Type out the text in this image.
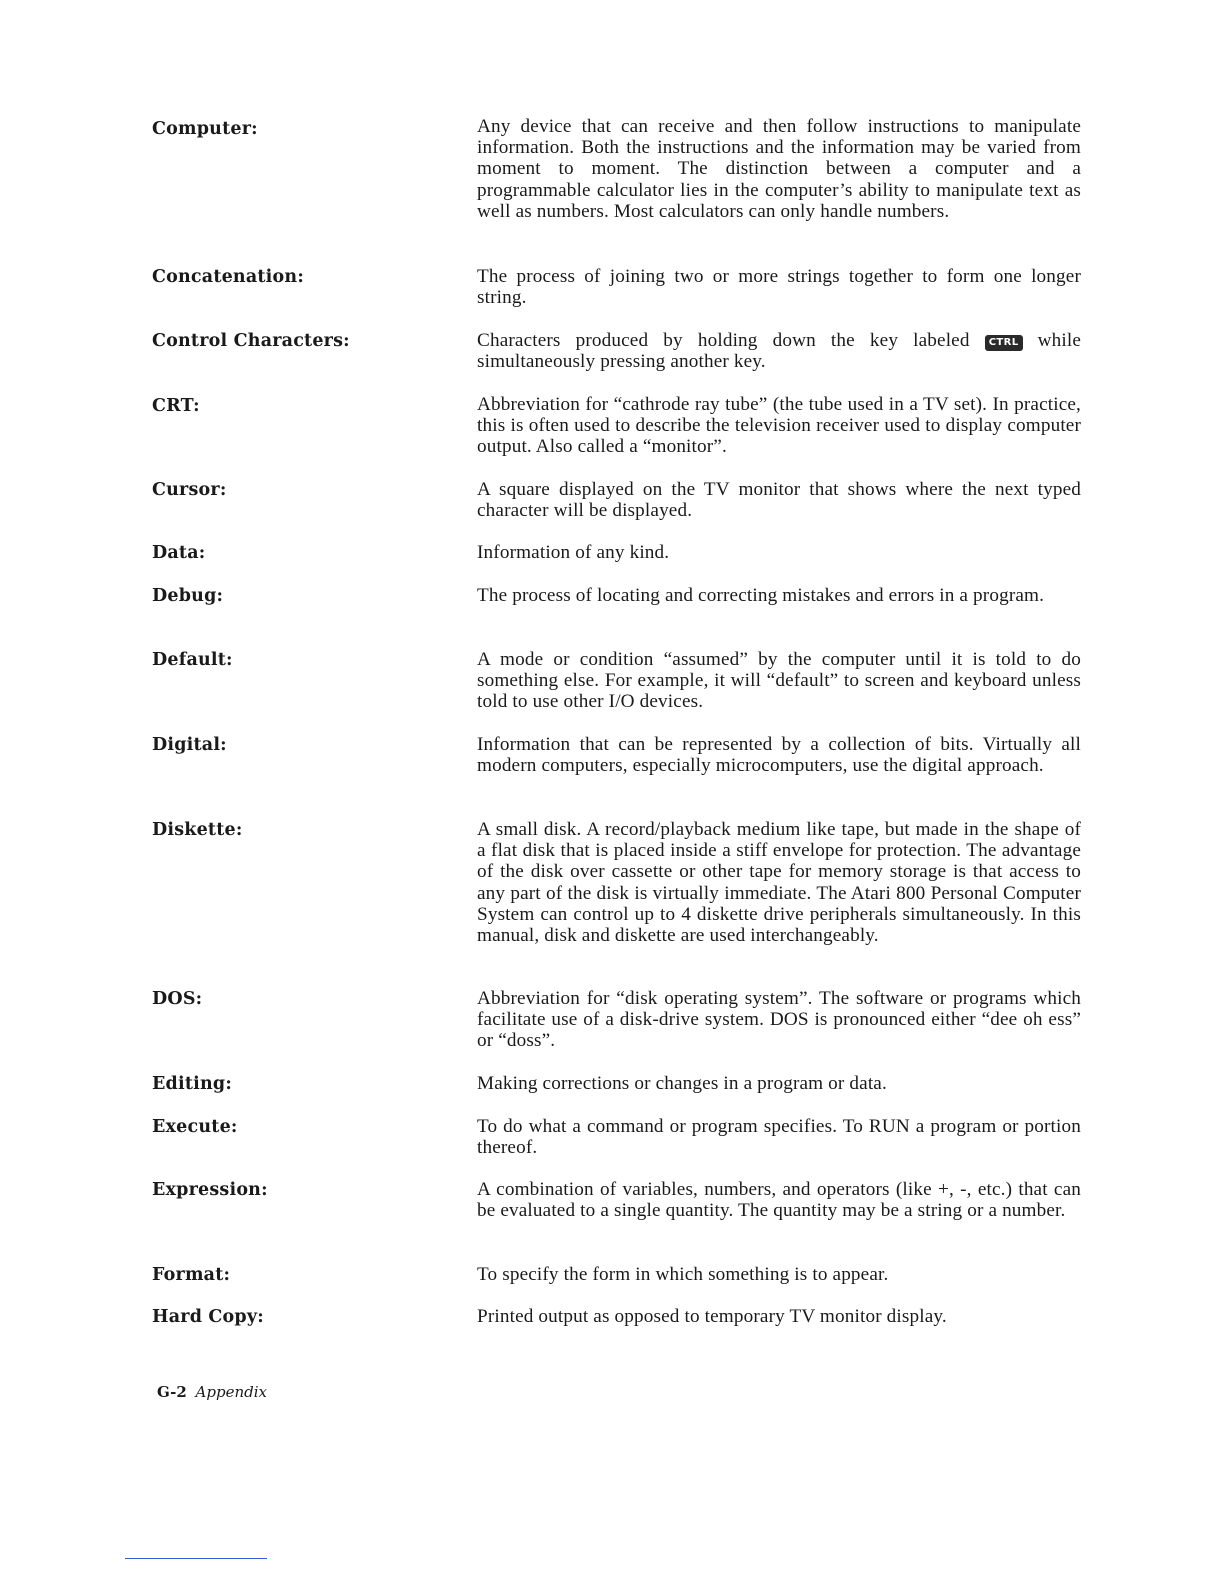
Computer:	Any device that can receive and then follow instructions to manipulate information. Both the instructions and the information may be varied from moment to moment. The distinction between a computer and a programmable calculator lies in the computer’s ability to manipulate text as well as numbers. Most calculators can only handle numbers.
Concatenation:	The process of joining two or more strings together to form one longer string.
Control Characters:	Characters produced by holding down the key labeled CTRL while simultaneously pressing another key.
CRT:	Abbreviation for “cathrode ray tube” (the tube used in a TV set). In practice, this is often used to describe the television receiver used to display computer output. Also called a “monitor”.
Cursor:	A square displayed on the TV monitor that shows where the next typed character will be displayed.
Data:	Information of any kind.
Debug:	The process of locating and correcting mistakes and errors in a program.
Default:	A mode or condition “assumed” by the computer until it is told to do something else. For example, it will “default” to screen and keyboard unless told to use other I/O devices.
Digital:	Information that can be represented by a collection of bits. Virtually all modern computers, especially microcomputers, use the digital approach.
Diskette:	A small disk. A record/playback medium like tape, but made in the shape of a flat disk that is placed inside a stiff envelope for protection. The advantage of the disk over cassette or other tape for memory storage is that access to any part of the disk is virtually immediate. The Atari 800 Personal Computer System can control up to 4 diskette drive peripherals simultaneously. In this manual, disk and diskette are used interchangeably.
DOS:	Abbreviation for “disk operating system”. The software or programs which facilitate use of a disk-drive system. DOS is pronounced either “dee oh ess” or “doss”.
Editing:	Making corrections or changes in a program or data.
Execute:	To do what a command or program specifies. To RUN a program or portion thereof.
Expression:	A combination of variables, numbers, and operators (like +, -, etc.) that can be evaluated to a single quantity. The quantity may be a string or a number.
Format:	To specify the form in which something is to appear.
Hard Copy:	Printed output as opposed to temporary TV monitor display.
G-2 Appendix
